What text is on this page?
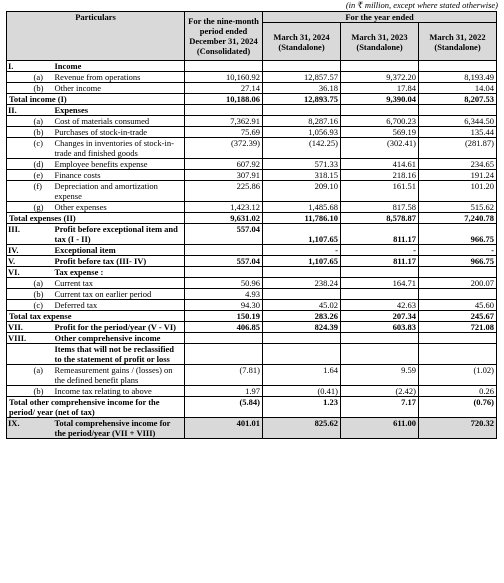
(in ₹ million, except where stated otherwise)
Particulars			For the nine-month period ended December 31, 2024 (Consolidated)	For the year ended		
				March 31, 2024 (Standalone)	March 31, 2023 (Standalone)	March 31, 2022 (Standalone)
I.		Income				
	(a)	Revenue from operations	10,160.92	12,857.57	9,372.20	8,193.49
	(b)	Other income	27.14	36.18	17.84	14.04
Total income (I)			10,188.06	12,893.75	9,390.04	8,207.53
II.		Expenses				
	(a)	Cost of materials consumed	7,362.91	8,287.16	6,700.23	6,344.50
	(b)	Purchases of stock-in-trade	75.69	1,056.93	569.19	135.44
	(c)	Changes in inventories of stock-in-trade and finished goods	(372.39)	(142.25)	(302.41)	(281.87)
	(d)	Employee benefits expense	607.92	571.33	414.61	234.65
	(e)	Finance costs	307.91	318.15	218.16	191.24
	(f)	Depreciation and amortization expense	225.86	209.10	161.51	101.20
	(g)	Other expenses	1,423.12	1,485.68	817.58	515.62
Total expenses (II)			9,631.02	11,786.10	8,578.87	7,240.78
III.		Profit before exceptional item and tax (I - II)	557.04	1,107.65	811.17	966.75
IV.		Exceptional item		-	-	-
V.		Profit before tax (III- IV)	557.04	1,107.65	811.17	966.75
VI.		Tax expense :				
	(a)	Current tax	50.96	238.24	164.71	200.07
	(b)	Current tax on earlier period	4.93			
	(c)	Deferred tax	94.30	45.02	42.63	45.60
Total tax expense			150.19	283.26	207.34	245.67
VII.		Profit for the period/year (V - VI)	406.85	824.39	603.83	721.08
VIII.		Other comprehensive income				
		Items that will not be reclassified to the statement of profit or loss				
	(a)	Remeasurement gains / (losses) on the defined benefit plans	(7.81)	1.64	9.59	(1.02)
	(b)	Income tax relating to above	1.97	(0.41)	(2.42)	0.26
Total other comprehensive income for the period/ year (net of tax)			(5.84)	1.23	7.17	(0.76)
IX.		Total comprehensive income for the period/year (VII + VIII)	401.01	825.62	611.00	720.32
